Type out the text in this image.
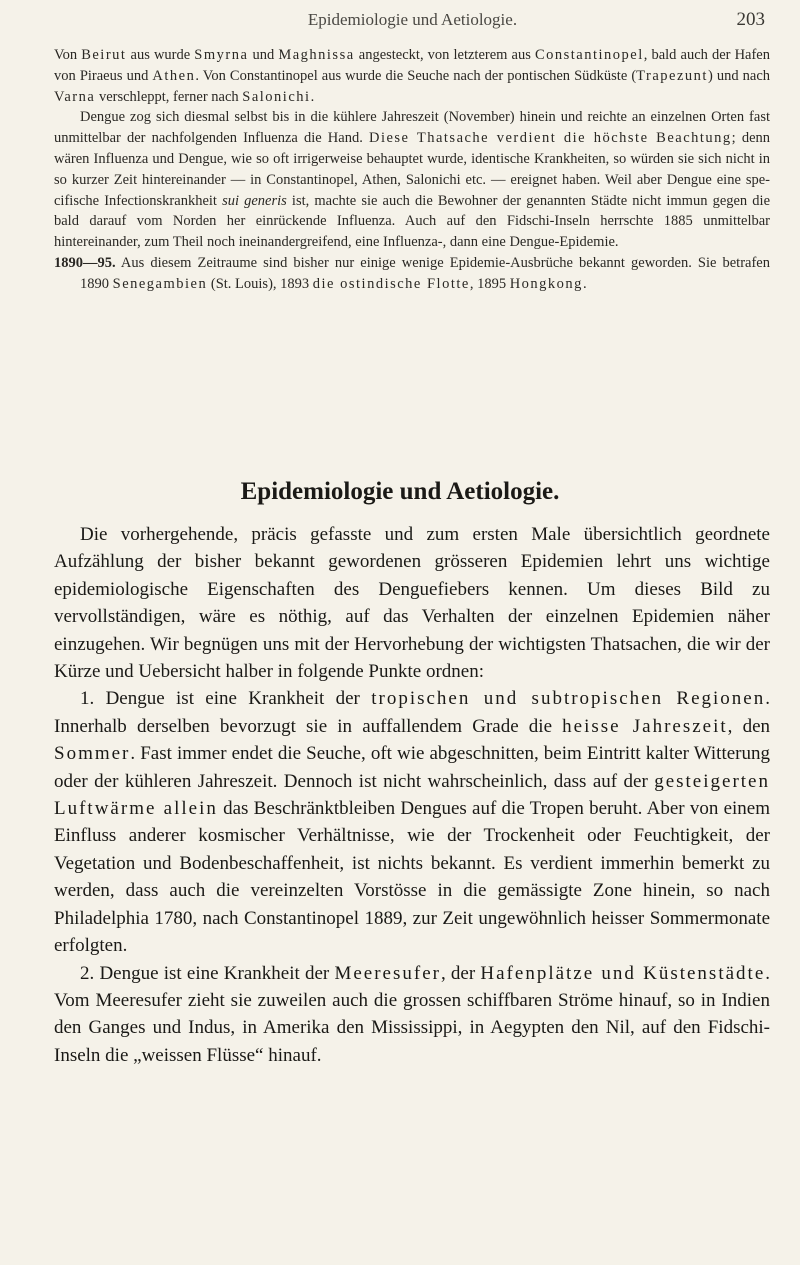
Epidemiologie und Aetiologie.	203

Von Beirut aus wurde Smyrna und Maghnissa angesteckt, von letzterem aus Constantinopel, bald auch der Hafen von Piraeus und Athen. Von Constantinopel aus wurde die Seuche nach der pontischen Südküste (Trapezunt) und nach Varna verschleppt, ferner nach Salonichi.

Dengue zog sich diesmal selbst bis in die kühlere Jahreszeit (November) hinein und reichte an einzelnen Orten fast unmittelbar der nachfolgenden Influenza die Hand. Diese Thatsache verdient die höchste Beachtung; denn wären Influenza und Dengue, wie so oft irrigerweise behauptet wurde, identische Krankheiten, so würden sie sich nicht in so kurzer Zeit hintereinander — in Constantinopel, Athen, Salonichi etc. — ereignet haben. Weil aber Dengue eine specifische Infectionskrankheit sui generis ist, machte sie auch die Bewohner der genannten Städte nicht immun gegen die bald darauf vom Norden her einrückende Influenza. Auch auf den Fidschi-Inseln herrschte 1885 unmittelbar hintereinander, zum Theil noch ineinandergreifend, eine Influenza-, dann eine Dengue-Epidemie.

1890—95. Aus diesem Zeitraume sind bisher nur einige wenige Epidemie-Ausbrüche bekannt geworden. Sie betrafen 1890 Senegambien (St. Louis), 1893 die ostindische Flotte, 1895 Hongkong.

Epidemiologie und Aetiologie.

Die vorhergehende, präcis gefasste und zum ersten Male übersichtlich geordnete Aufzählung der bisher bekannt gewordenen grösseren Epidemien lehrt uns wichtige epidemiologische Eigenschaften des Denguefiebers kennen. Um dieses Bild zu vervollständigen, wäre es nöthig, auf das Verhalten der einzelnen Epidemien näher einzugehen. Wir begnügen uns mit der Hervorhebung der wichtigsten Thatsachen, die wir der Kürze und Uebersicht halber in folgende Punkte ordnen:

1. Dengue ist eine Krankheit der tropischen und subtropischen Regionen. Innerhalb derselben bevorzugt sie in auffallendem Grade die heisse Jahreszeit, den Sommer. Fast immer endet die Seuche, oft wie abgeschnitten, beim Eintritt kalter Witterung oder der kühleren Jahreszeit. Dennoch ist nicht wahrscheinlich, dass auf der gesteigerten Luftwärme allein das Beschränktbleiben Dengues auf die Tropen beruht. Aber von einem Einfluss anderer kosmischer Verhältnisse, wie der Trockenheit oder Feuchtigkeit, der Vegetation und Bodenbeschaffenheit, ist nichts bekannt. Es verdient immerhin bemerkt zu werden, dass auch die vereinzelten Vorstösse in die gemässigte Zone hinein, so nach Philadelphia 1780, nach Constantinopel 1889, zur Zeit ungewöhnlich heisser Sommermonate erfolgten.

2. Dengue ist eine Krankheit der Meeresufer, der Hafenplätze und Küstenstädte. Vom Meeresufer zieht sie zuweilen auch die grossen schiffbaren Ströme hinauf, so in Indien den Ganges und Indus, in Amerika den Mississippi, in Aegypten den Nil, auf den Fidschi-Inseln die „weissen Flüsse“ hinauf.
